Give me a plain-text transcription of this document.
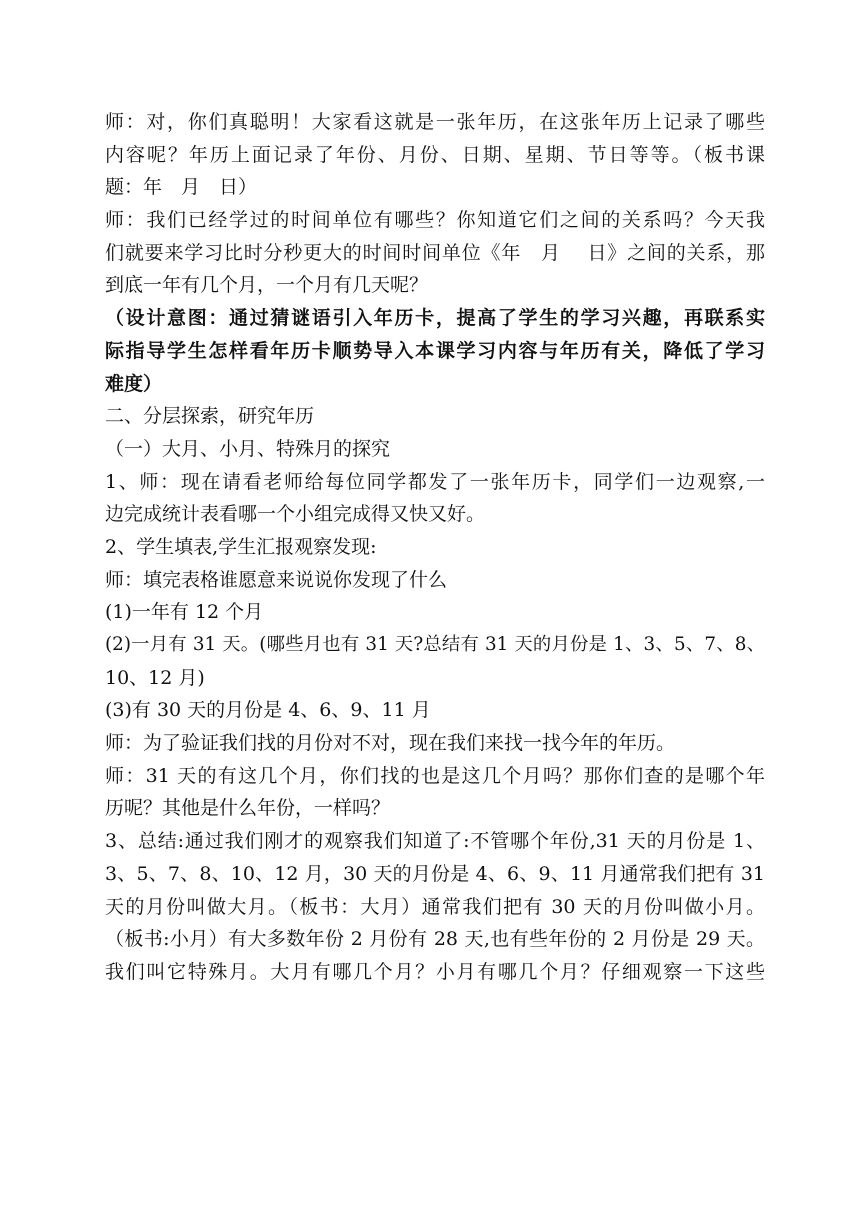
师：对，你们真聪明！大家看这就是一张年历，在这张年历上记录了哪些
内容呢？年历上面记录了年份、月份、日期、星期、节日等等。（板书课
题：年　月　日）
师：我们已经学过的时间单位有哪些？你知道它们之间的关系吗？今天我
们就要来学习比时分秒更大的时间时间单位《年　月　 日》之间的关系，那
到底一年有几个月，一个月有几天呢？
（设计意图：通过猜谜语引入年历卡，提高了学生的学习兴趣，再联系实
际指导学生怎样看年历卡顺势导入本课学习内容与年历有关，降低了学习
难度）
二、分层探索，研究年历
（一）大月、小月、特殊月的探究
1、师：现在请看老师给每位同学都发了一张年历卡，同学们一边观察,一
边完成统计表看哪一个小组完成得又快又好。
2、学生填表,学生汇报观察发现:
师：填完表格谁愿意来说说你发现了什么
(1)一年有 12 个月
(2)一月有 31 天。(哪些月也有 31 天?总结有 31 天的月份是 1、3、5、7、8、
10、12 月)
(3)有 30 天的月份是 4、6、9、11 月
师：为了验证我们找的月份对不对，现在我们来找一找今年的年历。
师：31 天的有这几个月，你们找的也是这几个月吗？那你们查的是哪个年
历呢？其他是什么年份，一样吗？
3、总结:通过我们刚才的观察我们知道了:不管哪个年份,31 天的月份是 1、
3、5、7、8、10、12 月，30 天的月份是 4、6、9、11 月通常我们把有 31
天的月份叫做大月。（板书：大月）通常我们把有 30 天的月份叫做小月。
（板书:小月）有大多数年份 2 月份有 28 天,也有些年份的 2 月份是 29 天。
我们叫它特殊月。大月有哪几个月？小月有哪几个月？仔细观察一下这些
